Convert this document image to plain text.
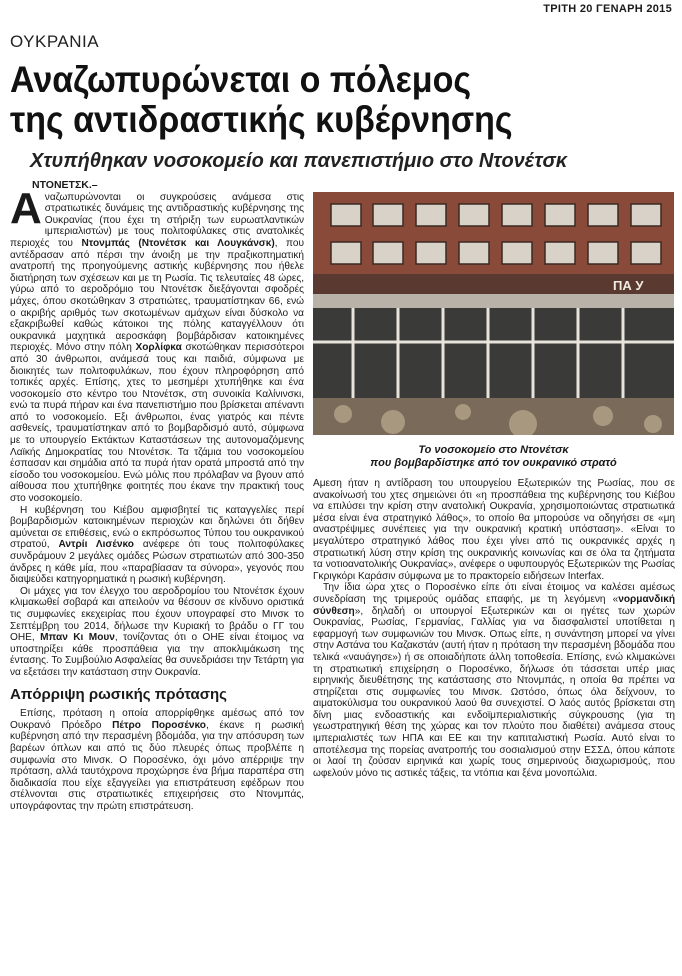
ΤΡΙΤΗ 20 ΓΕΝΑΡΗ 2015
ΟΥΚΡΑΝΙΑ
Αναζωπυρώνεται ο πόλεμος
της αντιδραστικής κυβέρνησης
Χτυπήθηκαν νοσοκομείο και πανεπιστήμιο στο Ντονέτσκ
ΝΤΟΝΕΤΣΚ.–

Αναζωπυρώνονται οι συγκρούσεις ανάμεσα στις στρατιωτικές δυνάμεις της αντιδραστικής κυβέρνησης της Ουκρανίας (που έχει τη στήριξη των ευρωατλαντικών ιμπεριαλιστών) με τους πολιτοφύλακες στις ανατολικές περιοχές του Ντονμπάς (Ντονέτσκ και Λουγκάνσκ), που αντέδρασαν από πέρσι την άνοιξη με την πραξικοπηματική ανατροπή της προηγούμενης αστικής κυβέρνησης που ήθελε διατήρηση των σχέσεων και με τη Ρωσία. Τις τελευταίες 48 ώρες, γύρω από το αεροδρόμιο του Ντονέτσκ διεξάγονται σφοδρές μάχες, όπου σκοτώθηκαν 3 στρατιώτες, τραυματίστηκαν 66, ενώ ο ακριβής αριθμός των σκοτωμένων αμάχων είναι δύσκολο να εξακριβωθεί καθώς κάτοικοι της πόλης καταγγέλλουν ότι ουκρανικά μαχητικά αεροσκάφη βομβάρδισαν κατοικημένες περιοχές. Μόνο στην πόλη Χορλίφκα σκοτώθηκαν περισσότεροι από 30 άνθρωποι, ανάμεσά τους και παιδιά, σύμφωνα με διοικητές των πολιτοφυλάκων, που έχουν πληροφόρηση από τοπικές αρχές. Επίσης, χτες το μεσημέρι χτυπήθηκε και ένα νοσοκομείο στο κέντρο του Ντονέτσκ, στη συνοικία Καλίνινσκι, ενώ τα πυρά πήραν και ένα πανεπιστήμιο που βρίσκεται απέναντι από το νοσοκομείο. Εξι άνθρωποι, ένας γιατρός και πέντε ασθενείς, τραυματίστηκαν από το βομβαρδισμό αυτό, σύμφωνα με το υπουργείο Εκτάκτων Καταστάσεων της αυτονομαζόμενης Λαϊκής Δημοκρατίας του Ντονέτσκ. Τα τζάμια του νοσοκομείου έσπασαν και σημάδια από τα πυρά ήταν ορατά μπροστά από την είσοδο του νοσοκομείου. Ενώ μόλις που πρόλαβαν να βγουν από αίθουσα που χτυπήθηκε φοιτητές που έκανε την πρακτική τους στο νοσοκομείο.

Η κυβέρνηση του Κιέβου αμφισβητεί τις καταγγελίες περί βομβαρδισμών κατοικημένων περιοχών και δηλώνει ότι δήθεν αμύνεται σε επιθέσεις, ενώ ο εκπρόσωπος Τύπου του ουκρανικού στρατού, Αντρίι Λισένκο ανέφερε ότι τους πολιτοφύλακες συνδράμουν 2 μεγάλες ομάδες Ρώσων στρατιωτών από 300-350 άνδρες η κάθε μία, που «παραβίασαν τα σύνορα», γεγονός που διαψεύδει κατηγορηματικά η ρωσική κυβέρνηση.

Οι μάχες για τον έλεγχο του αεροδρομίου του Ντονέτσκ έχουν κλιμακωθεί σοβαρά και απειλούν να θέσουν σε κίνδυνο οριστικά τις συμφωνίες εκεχειρίας που έχουν υπογραφεί στο Μινσκ το Σεπτέμβρη του 2014, δήλωσε την Κυριακή το βράδυ ο ΓΓ του ΟΗΕ, Μπαν Κι Μουν, τονίζοντας ότι ο ΟΗΕ είναι έτοιμος να υποστηρίξει κάθε προσπάθεια για την αποκλιμάκωση της έντασης. Το Συμβούλιο Ασφαλείας θα συνεδριάσει την Τετάρτη για να εξετάσει την κατάσταση στην Ουκρανία.

Απόρριψη ρωσικής πρότασης

Επίσης, πρόταση η οποία απορρίφθηκε αμέσως από τον Ουκρανό Πρόεδρο Πέτρο Ποροσένκο, έκανε η ρωσική κυβέρνηση από την περασμένη βδομάδα, για την απόσυρση των βαρέων όπλων και από τις δύο πλευρές όπως προβλέπε η συμφωνία στο Μινσκ. Ο Ποροσένκο, όχι μόνο απέρριψε την πρόταση, αλλά ταυτόχρονα προχώρησε ένα βήμα παραπέρα στη διαδικασία που είχε εξαγγείλει για επιστράτευση εφέδρων που στέλνονται στις στρατιωτικές επιχειρήσεις στο Ντονμπάς, υπογράφοντας την πρώτη επιστράτευση.

ΠΑ У
Το νοσοκομείο στο Ντονέτσκ
που βομβαρδίστηκε από τον ουκρανικό στρατό

Αμεση ήταν η αντίδραση του υπουργείου Εξωτερικών της Ρωσίας, που σε ανακοίνωσή του χτες σημειώνει ότι «η προσπάθεια της κυβέρνησης του Κιέβου να επιλύσει την κρίση στην ανατολική Ουκρανία, χρησιμοποιώντας στρατιωτικά μέσα είναι ένα στρατηγικό λάθος», το οποίο θα μπορούσε να οδηγήσει σε «μη αναστρέψιμες συνέπειες για την ουκρανική κρατική υπόσταση». «Είναι το μεγαλύτερο στρατηγικό λάθος που έχει γίνει από τις ουκρανικές αρχές η στρατιωτική λύση στην κρίση της ουκρανικής κοινωνίας και σε όλα τα ζητήματα τα νοτιοανατολικής Ουκρανίας», ανέφερε ο υφυπουργός Εξωτερικών της Ρωσίας Γκριγκόρι Καράσιν σύμφωνα με το πρακτορείο ειδήσεων Interfax.

Την ίδια ώρα χτες ο Ποροσένκο είπε ότι είναι έτοιμος να καλέσει αμέσως συνεδρίαση της τριμερούς ομάδας επαφής, με τη λεγόμενη «νορμανδική σύνθεση», δηλαδή οι υπουργοί Εξωτερικών και οι ηγέτες των χωρών Ουκρανίας, Ρωσίας, Γερμανίας, Γαλλίας για να διασφαλιστεί υποτίθεται η εφαρμογή των συμφωνιών του Μινσκ. Οπως είπε, η συνάντηση μπορεί να γίνει στην Αστάνα του Καζακστάν (αυτή ήταν η πρόταση την περασμένη βδομάδα που τελικά «ναυάγησε») ή σε οποιαδήποτε άλλη τοποθεσία. Επίσης, ενώ κλιμακώνει τη στρατιωτική επιχείρηση ο Ποροσένκο, δήλωσε ότι τάσσεται υπέρ μιας ειρηνικής διευθέτησης της κατάστασης στο Ντονμπάς, η οποία θα πρέπει να στηρίζεται στις συμφωνίες του Μινσκ. Ωστόσο, όπως όλα δείχνουν, το αιματοκύλισμα του ουκρανικού λαού θα συνεχιστεί. Ο λαός αυτός βρίσκεται στη δίνη μιας ενδοαστικής και ενδοϊμπεριαλιστικής σύγκρουσης (για τη γεωστρατηγική θέση της χώρας και τον πλούτο που διαθέτει) ανάμεσα στους ιμπεριαλιστές των ΗΠΑ και ΕΕ και την καπιταλιστική Ρωσία. Αυτό είναι το αποτέλεσμα της πορείας ανατροπής του σοσιαλισμού στην ΕΣΣΔ, όπου κάποτε οι λαοί τη ζούσαν ειρηνικά και χωρίς τους σημερινούς διαχωρισμούς, που ωφελούν μόνο τις αστικές τάξεις, τα ντόπια και ξένα μονοπώλια.
